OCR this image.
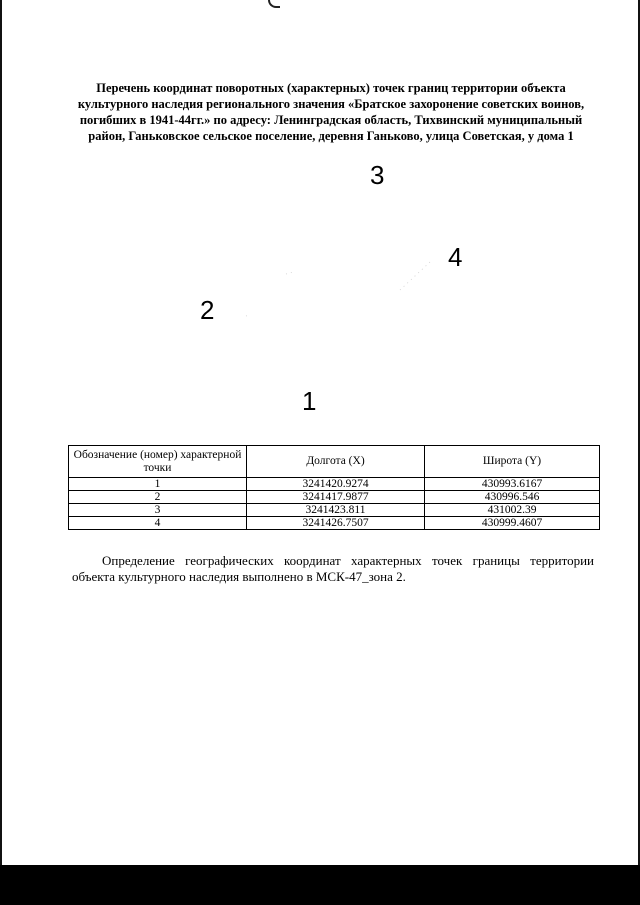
Перечень координат поворотных (характерных) точек границ территории объекта культурного наследия регионального значения «Братское захоронение советских воинов, погибших в 1941-44гг.» по адресу: Ленинградская область, Тихвинский муниципальный район, Ганьковское сельское поселение, деревня Ганьково, улица Советская, у дома 1
1
2
3
4
Обозначение (номер) характерной точки	Долгота (X)	Широта (Y)
1	3241420.9274	430993.6167
2	3241417.9877	430996.546
3	3241423.811	431002.39
4	3241426.7507	430999.4607
Определение географических координат характерных точек границы территории объекта культурного наследия выполнено в МСК-47_зона 2.
